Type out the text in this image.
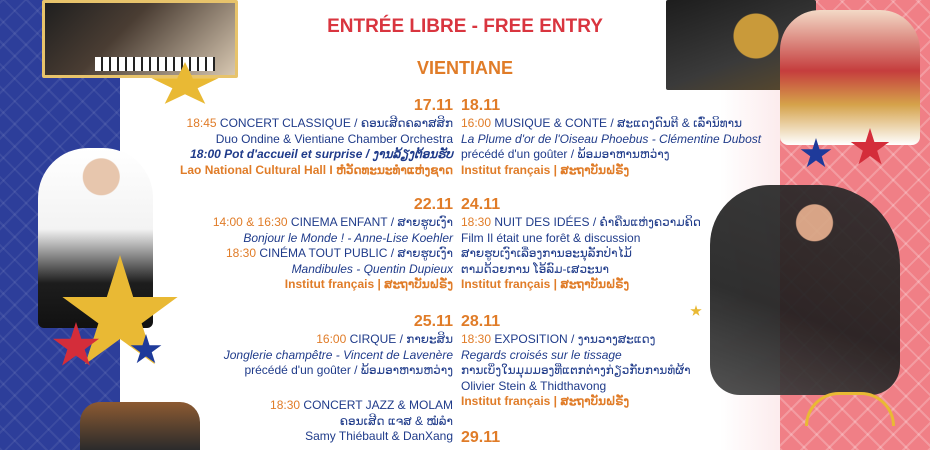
ENTRÉE LIBRE - FREE ENTRY
VIENTIANE
17.11
18:45 CONCERT CLASSIQUE / ຄອນເສີດຄລາສສິກ
Duo Ondine & Vientiane Chamber Orchestra
18:00 Pot d'accueil et surprise / ງານລ້ຽງຕ້ອນຮັບ
Lao National Cultural Hall I ຫໍວັດທະນະທຳແຫ່ງຊາດ
22.11
14:00 & 16:30 CINEMA ENFANT / ສາຍຮູບເງົາ
Bonjour le Monde ! - Anne-Lise Koehler
18:30 CINÉMA TOUT PUBLIC / ສາຍຮູບເງົາ
Mandibules - Quentin Dupieux
Institut français | ສະຖາບັນຝຣັ່ງ
25.11
16:00 CIRQUE / ກາຍະສິນ
Jonglerie champêtre - Vincent de Lavenère
précédé d'un goûter / ພ້ອມອາຫານຫວ່າງ
18:30 CONCERT JAZZ & MOLAM
ຄອນເສີດ ແຈສ & ໝໍລຳ
Samy Thiébault & DanXang
18.11
16:00 MUSIQUE & CONTE / ສະແດງດົນຕີ & ເລົ່ານິທານ
La Plume d'or de l'Oiseau Phoebus - Clémentine Dubost
précédé d'un goûter / ພ້ອມອາຫານຫວ່າງ
Institut français | ສະຖາບັນຝຣັ່ງ
24.11
18:30 NUIT DES IDÉES / ຄ່ຳຄືນແຫ່ງຄວາມຄິດ
Film Il était une forêt & discussion
ສາຍຮູບເງົາເລື່ອງການອະນຸລັກປ່າໄມ້
ຕາມດ້ວຍການ ໂອ້ລົມ-ເສວະນາ
Institut français | ສະຖາບັນຝຣັ່ງ
28.11
18:30 EXPOSITION / ງານວາງສະແດງ
Regards croisés sur le tissage
ການເບິ່ງໃນມຸມມອງທີ່ແຕກຕ່າງກ່ຽວກັບການທໍຜ້າ
Olivier Stein & Thidthavong
Institut français | ສະຖາບັນຝຣັ່ງ
29.11
